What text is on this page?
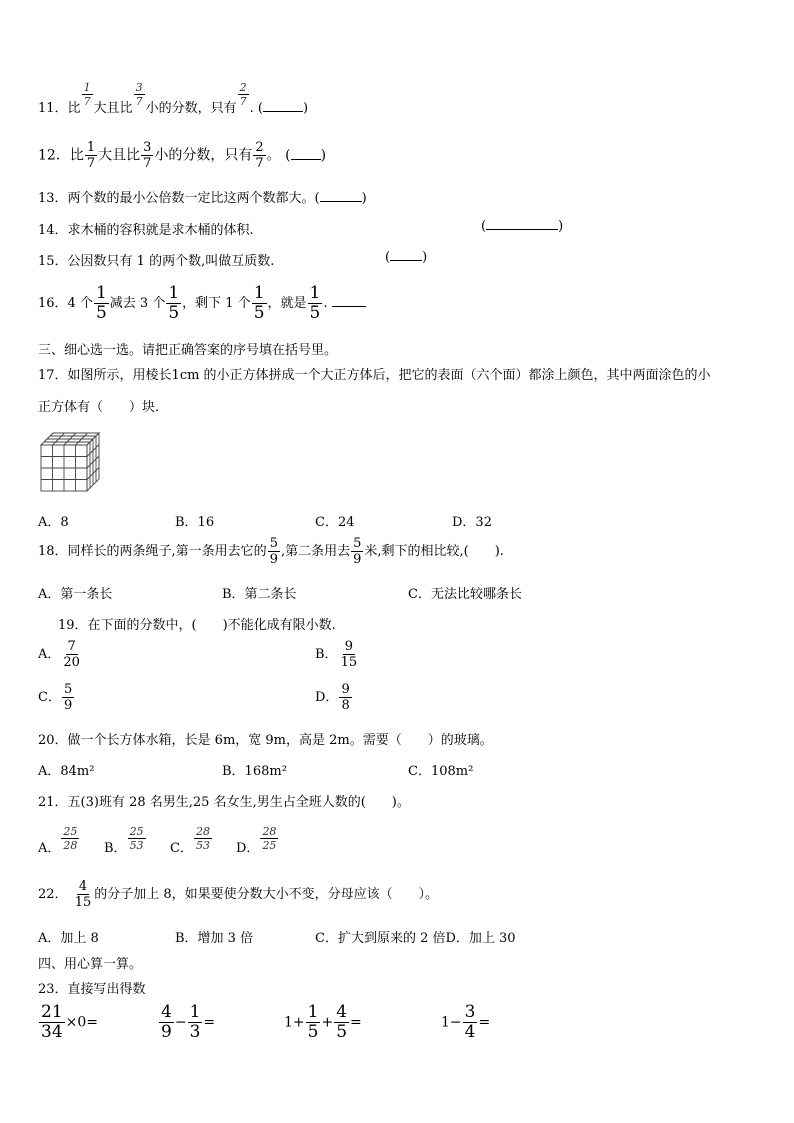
11．比
$\frac{1}{7}$
大且比
$\frac{3}{7}$
小的分数，只有
$\frac{2}{7}$
. (	)
12．比 $\frac{1}{7}$ 大且比 $\frac{3}{7}$ 小的分数，只有 $\frac{2}{7}$ 。 ( )
13．两个数的最小公倍数一定比这两个数都大。(	)
14．求木桶的容积就是求木桶的体积.	(	)
15．公因数只有 1 的两个数,叫做互质数.	( )
16．4 个 $\frac{1}{5}$ 减去 3 个 $\frac{1}{5}$ ，剩下 1 个 $\frac{1}{5}$ ，就是 $\frac{1}{5}$ .
三、细心选一选。请把正确答案的序号填在括号里。
17．如图所示，用棱长1cm 的小正方体拼成一个大正方体后，把它的表面（六个面）都涂上颜色，其中两面涂色的小
正方体有（　　）块.
A．8	B．16	C．24	D．32
18．同样长的两条绳子,第一条用去它的 $\frac{5}{9}$ ,第二条用去 $\frac{5}{9}$ 米,剩下的相比较,(　　).
A．第一条长	B．第二条长	C．无法比较哪条长
19．在下面的分数中，(　　)不能化成有限小数.
A． $\frac{7}{20}$	B． $\frac{9}{15}$
C． $\frac{5}{9}$	D． $\frac{9}{8}$
20．做一个长方体水箱，长是 6m，宽 9m，高是 2m。需要（　　）的玻璃。
A．84m²	B．168m²	C．108m²
21．五(3)班有 28 名男生,25 名女生,男生占全班人数的(　　)。
A． $\frac{25}{28}$ B． $\frac{25}{53}$ C． $\frac{28}{53}$ D． $\frac{28}{25}$
22． $\frac{4}{15}$ 的分子加上 8，如果要使分数大小不变，分母应该（　　）。
A．加上 8	B．增加 3 倍	C．扩大到原来的 2 倍D．加上 30
四、用心算一算。
23．直接写出得数
$\frac{21}{34} \times 0=$	$\frac{4}{9} - \frac{1}{3}$ =	$1+ \frac{1}{5} + \frac{4}{5}$ =	$1- \frac{3}{4}$ =
